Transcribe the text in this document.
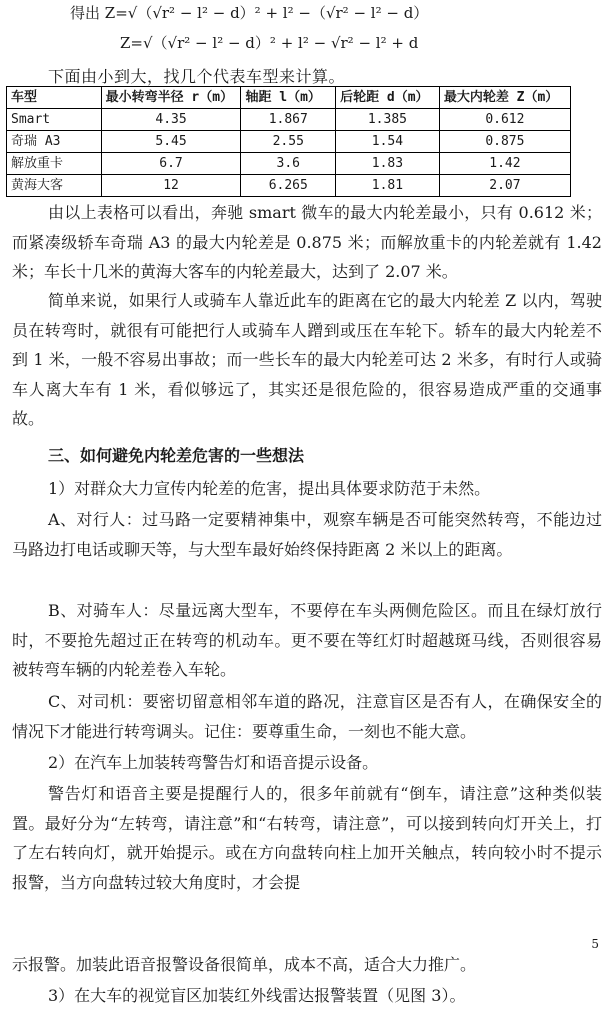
得出 Z=√（√r² − l² − d）² + l² −（√r² − l² − d）
Z=√（√r² − l² − d）² + l² − √r² − l² + d
下面由小到大，找几个代表车型来计算。
车型	最小转弯半径 r（m）	轴距 l（m）	后轮距 d（m）	最大内轮差 Z（m）
Smart	4.35	1.867	1.385	0.612
奇瑞 A3	5.45	2.55	1.54	0.875
解放重卡	6.7	3.6	1.83	1.42
黄海大客	12	6.265	1.81	2.07
由以上表格可以看出，奔驰 smart 微车的最大内轮差最小，只有 0.612 米；而紧凑级轿车奇瑞 A3 的最大内轮差是 0.875 米；而解放重卡的内轮差就有 1.42 米；车长十几米的黄海大客车的内轮差最大，达到了 2.07 米。
简单来说，如果行人或骑车人靠近此车的距离在它的最大内轮差 Z 以内，驾驶员在转弯时，就很有可能把行人或骑车人蹭到或压在车轮下。轿车的最大内轮差不到 1 米，一般不容易出事故；而一些长车的最大内轮差可达 2 米多，有时行人或骑车人离大车有 1 米，看似够远了，其实还是很危险的，很容易造成严重的交通事故。
三、如何避免内轮差危害的一些想法
1）对群众大力宣传内轮差的危害，提出具体要求防范于未然。
A、对行人：过马路一定要精神集中，观察车辆是否可能突然转弯，不能边过马路边打电话或聊天等，与大型车最好始终保持距离 2 米以上的距离。
B、对骑车人：尽量远离大型车，不要停在车头两侧危险区。而且在绿灯放行时，不要抢先超过正在转弯的机动车。更不要在等红灯时超越斑马线，否则很容易被转弯车辆的内轮差卷入车轮。
C、对司机：要密切留意相邻车道的路况，注意盲区是否有人，在确保安全的情况下才能进行转弯调头。记住：要尊重生命，一刻也不能大意。
2）在汽车上加装转弯警告灯和语音提示设备。
警告灯和语音主要是提醒行人的，很多年前就有“倒车，请注意”这种类似装置。最好分为“左转弯，请注意”和“右转弯，请注意”，可以接到转向灯开关上，打了左右转向灯，就开始提示。或在方向盘转向柱上加开关触点，转向较小时不提示报警，当方向盘转过较大角度时，才会提
5
示报警。加装此语音报警设备很简单，成本不高，适合大力推广。
3）在大车的视觉盲区加装红外线雷达报警装置（见图 3）。
